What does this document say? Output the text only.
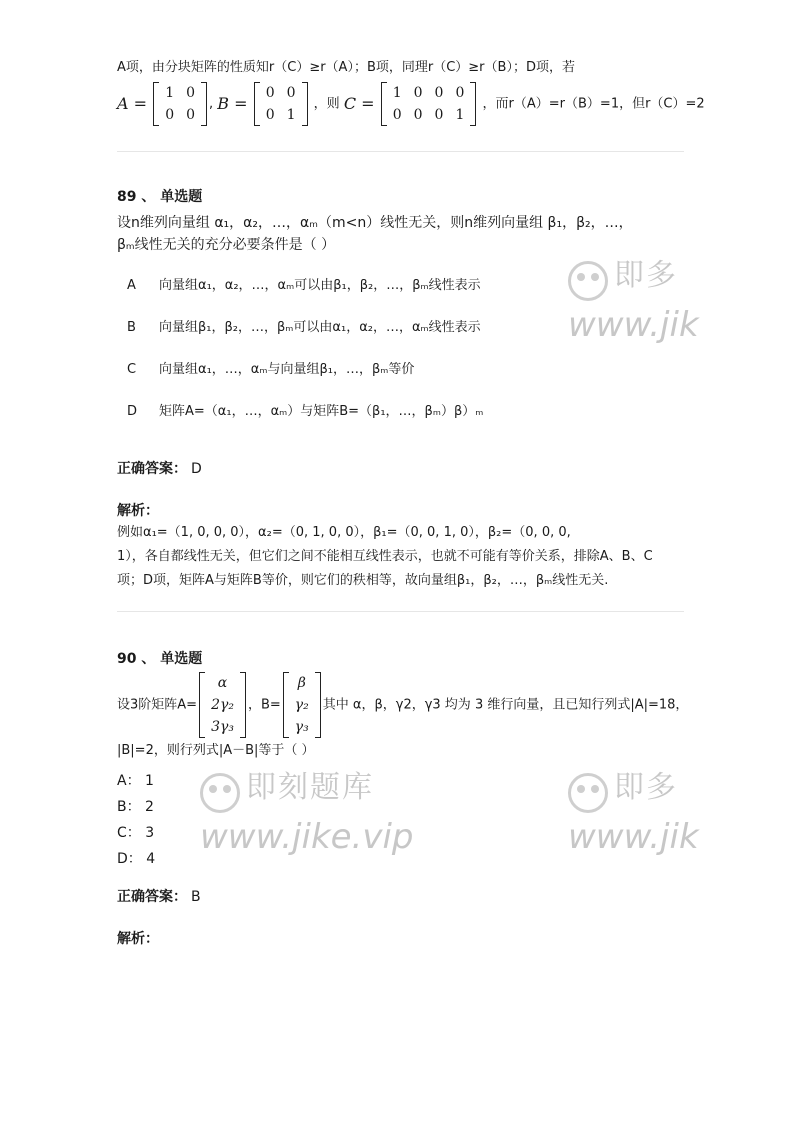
A项，由分块矩阵的性质知r（C）≥r（A）；B项，同理r（C）≥r（B）；D项，若
A =
1	0
0	0
, B =
0	0
0	1
，则 C =
1	0	0	0
0	0	0	1
，而r（A）=r（B）=1，但r（C）=2
89 、 单选题
设n维列向量组 α₁，α₂，…，αₘ（m<n）线性无关，则n维列向量组 β₁，β₂，…，
βₘ线性无关的充分必要条件是（ ）
A 向量组α₁，α₂，…，αₘ可以由β₁，β₂，…，βₘ线性表示
B 向量组β₁，β₂，…，βₘ可以由α₁，α₂，…，αₘ线性表示
C 向量组α₁，…，αₘ与向量组β₁，…，βₘ等价
D 矩阵A=（α₁，…，αₘ）与矩阵B=（β₁，…，βₘ）β）ₘ
正确答案： D
解析：
例如α₁=（1, 0, 0, 0），α₂=（0, 1, 0, 0），β₁=（0, 0, 1, 0），β₂=（0, 0, 0,
1），各自都线性无关，但它们之间不能相互线性表示，也就不可能有等价关系，排除A、B、C
项；D项，矩阵A与矩阵B等价，则它们的秩相等，故向量组β₁，β₂，…，βₘ线性无关.
90 、 单选题
设3阶矩阵A=
α
2γ₂
3γ₃
，B=
β
γ₂
γ₃
其中 α，β，γ2，γ3 均为 3 维行向量，且已知行列式|A|=18，
|B|=2，则行列式|A－B|等于（ ）
A： 1
B： 2
C： 3
D： 4
正确答案： B
解析：
即多
www.jik
即刻题库
www.jike.vip
即多
www.jik
